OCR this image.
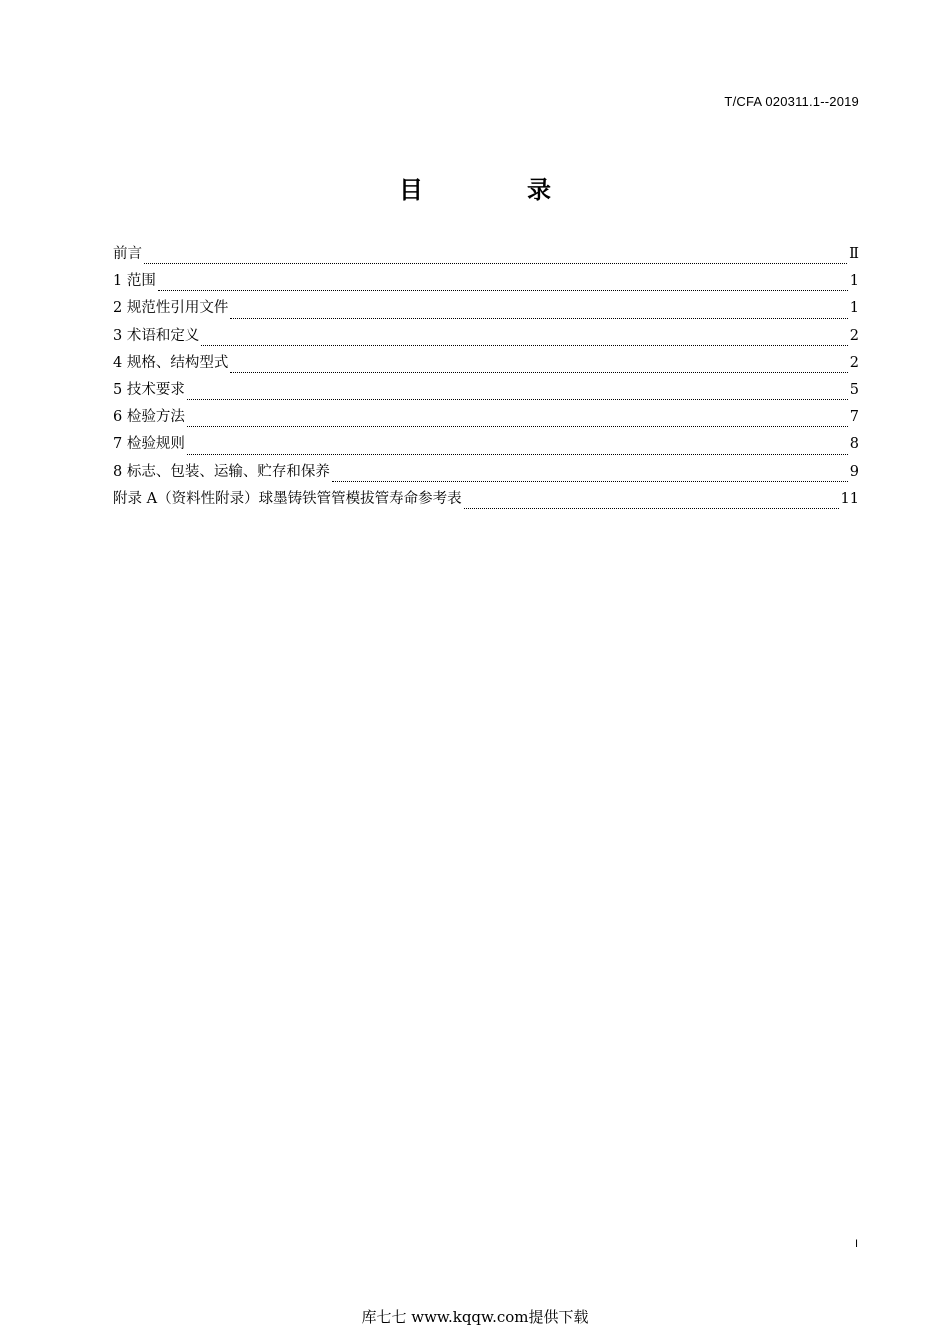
T/CFA 020311.1--2019
目　录
前言	Ⅱ
1 范围	1
2 规范性引用文件	1
3 术语和定义	2
4 规格、结构型式	2
5 技术要求	5
6 检验方法	7
7 检验规则	8
8 标志、包装、运输、贮存和保养	9
附录 A（资料性附录）球墨铸铁管管模拔管寿命参考表	11
I
库七七 www.kqqw.com提供下载
